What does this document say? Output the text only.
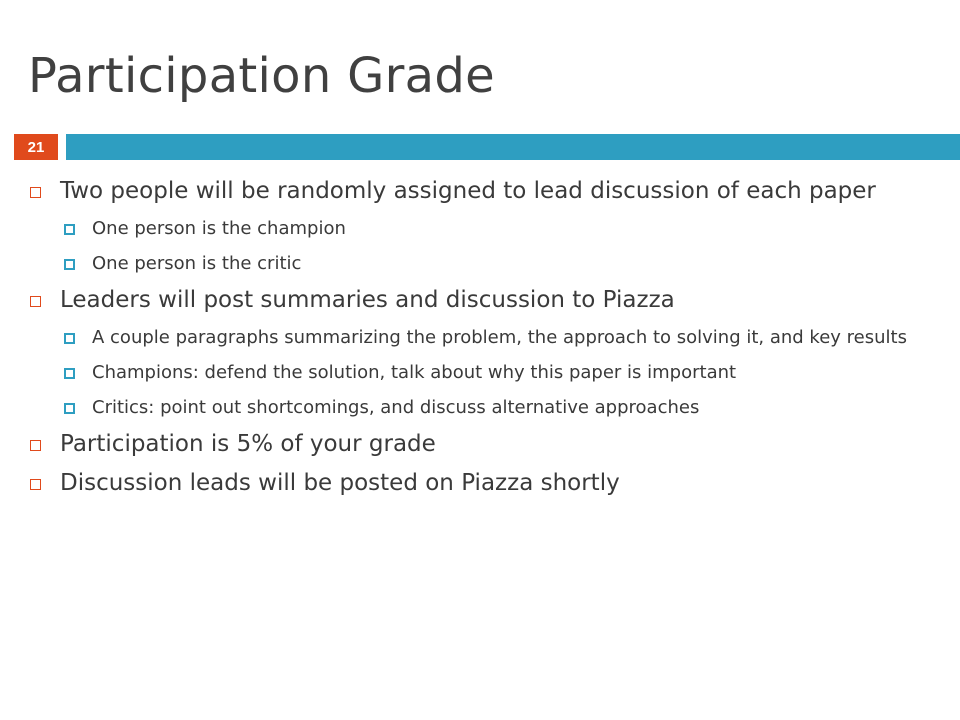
Participation Grade
21
Two people will be randomly assigned to lead discussion of each paper
One person is the champion
One person is the critic
Leaders will post summaries and discussion to Piazza
A couple paragraphs summarizing the problem, the approach to solving it, and key results
Champions: defend the solution, talk about why this paper is important
Critics: point out shortcomings, and discuss alternative approaches
Participation is 5% of your grade
Discussion leads will be posted on Piazza shortly
